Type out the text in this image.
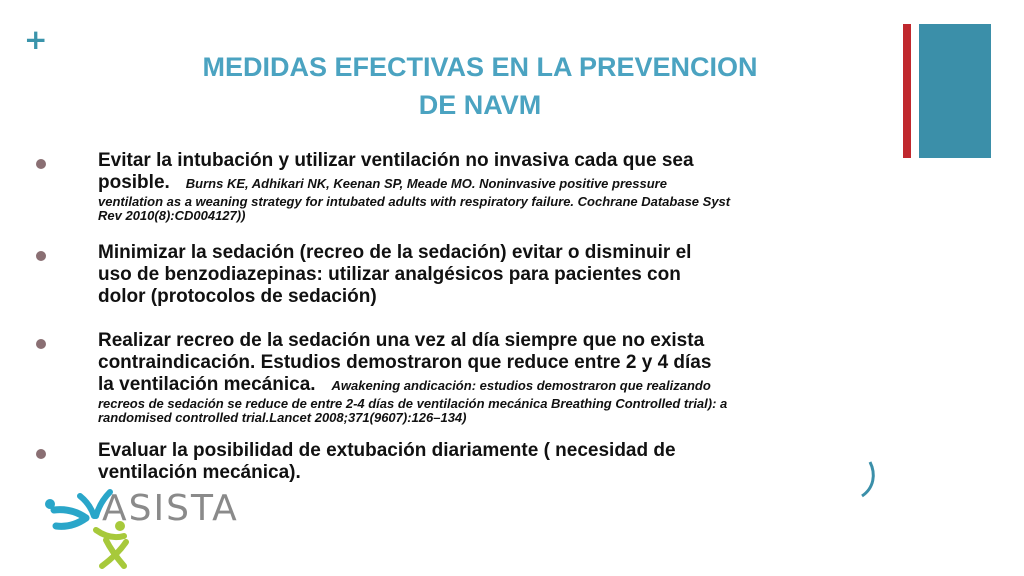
+
MEDIDAS EFECTIVAS EN LA PREVENCION
DE NAVM
Evitar la intubación y utilizar ventilación no invasiva cada que sea
posible. Burns KE, Adhikari NK, Keenan SP, Meade MO. Noninvasive positive pressure
ventilation as a weaning strategy for intubated adults with respiratory failure. Cochrane Database Syst
Rev 2010(8):CD004127))
Minimizar la sedación (recreo de la sedación) evitar o disminuir el
uso de benzodiazepinas: utilizar analgésicos para pacientes con
dolor (protocolos de sedación)
Realizar recreo de la sedación una vez al día siempre que no exista
contraindicación. Estudios demostraron que reduce entre 2 y 4 días
la ventilación mecánica. Awakening andicación: estudios demostraron que realizando
recreos de sedación se reduce de entre 2-4 días de ventilación mecánica Breathing Controlled trial): a
randomised controlled trial.Lancet 2008;371(9607):126–134)
Evaluar la posibilidad de extubación diariamente ( necesidad de
ventilación mecánica).
ASISTA
